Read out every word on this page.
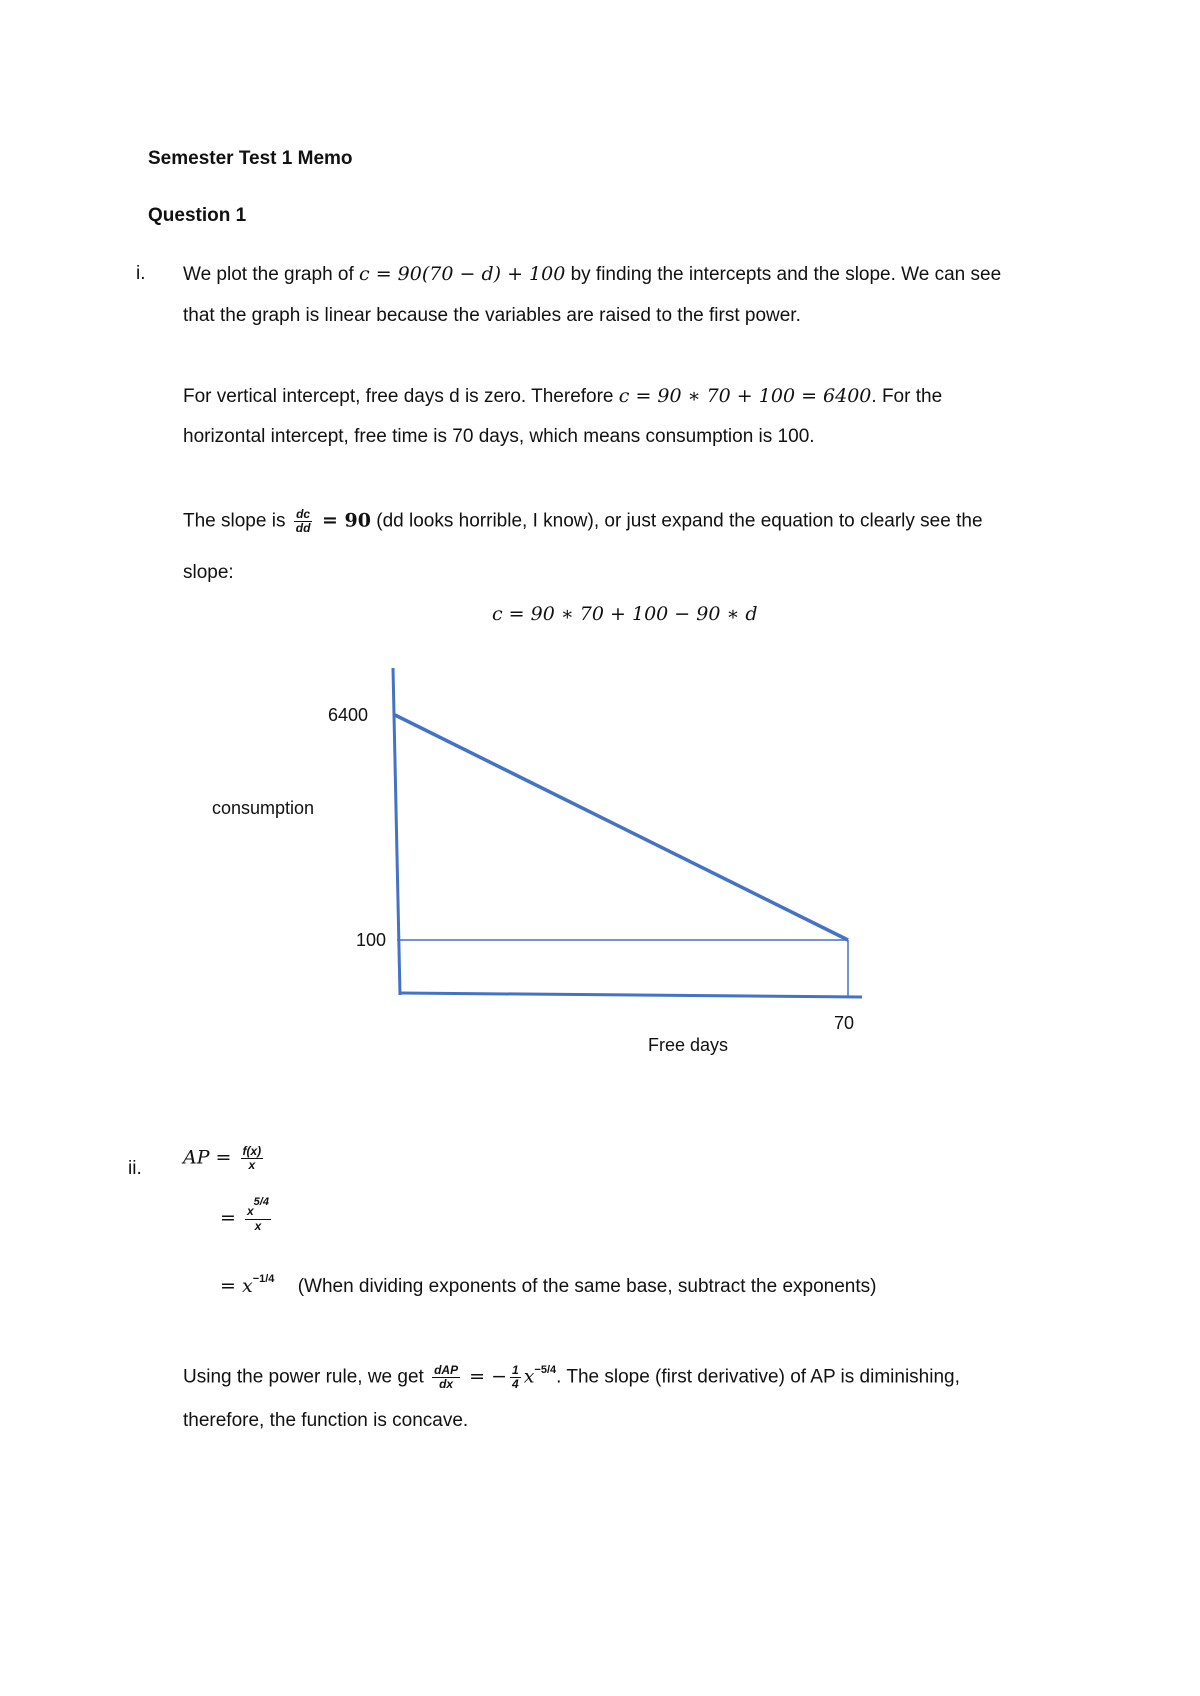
Semester Test 1 Memo
Question 1
i. We plot the graph of c = 90(70 − d) + 100 by finding the intercepts and the slope. We can see
that the graph is linear because the variables are raised to the first power.
For vertical intercept, free days d is zero. Therefore c = 90 ∗ 70 + 100 = 6400. For the
horizontal intercept, free time is 70 days, which means consumption is 100.
The slope is $\frac{dc}{dd} = 90$ (dd looks horrible, I know), or just expand the equation to clearly see the
slope:
c = 90 ∗ 70 + 100 − 90 ∗ d
6400
100
70
consumption
Free days
ii. AP = $\frac{f(x)}{x}$
= $\frac{x5/4}{x}$
= $x^{-1/4}$ (When dividing exponents of the same base, subtract the exponents)
Using the power rule, we get $\frac{\text{dAP}}{dx}$ = − $\frac{1}{4} x^{-5/4}$. The slope (first derivative) of AP is diminishing,
therefore, the function is concave.
